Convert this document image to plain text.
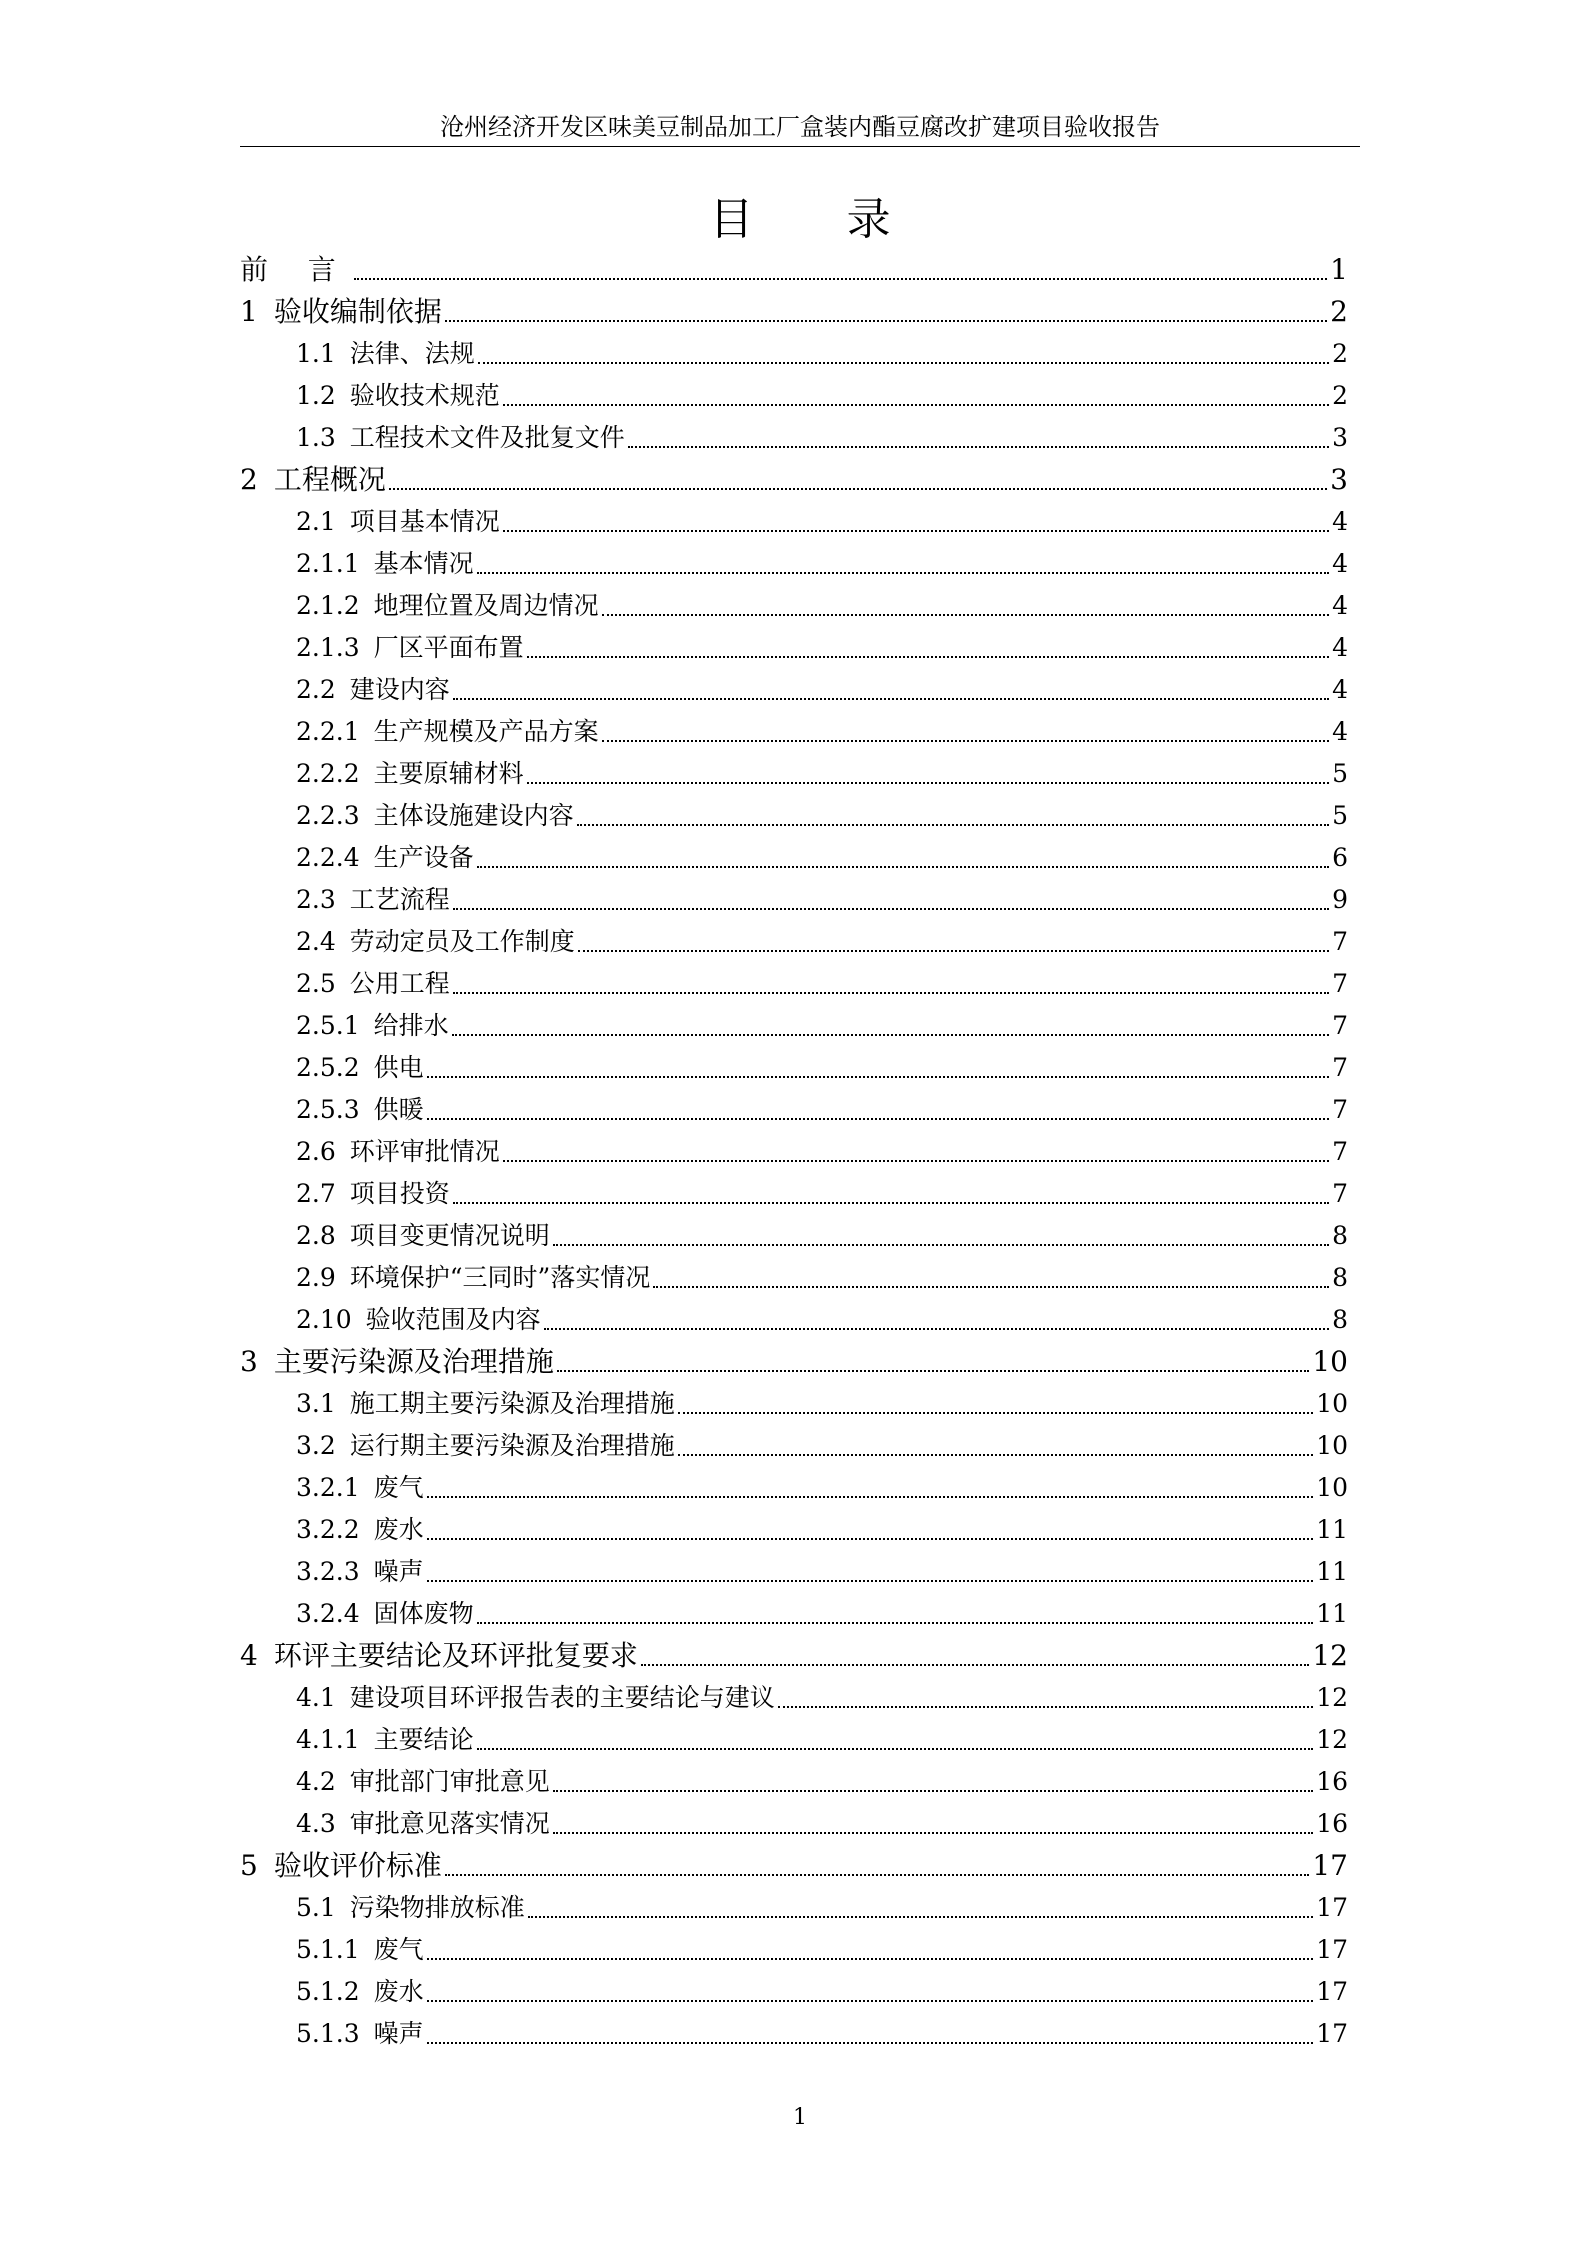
沧州经济开发区味美豆制品加工厂盒装内酯豆腐改扩建项目验收报告
目 录
前 言	1
1 验收编制依据	2
1.1 法律、法规	2
1.2 验收技术规范	2
1.3 工程技术文件及批复文件	3
2 工程概况	3
2.1 项目基本情况	4
2.1.1 基本情况	4
2.1.2 地理位置及周边情况	4
2.1.3 厂区平面布置	4
2.2 建设内容	4
2.2.1 生产规模及产品方案	4
2.2.2 主要原辅材料	5
2.2.3 主体设施建设内容	5
2.2.4 生产设备	6
2.3 工艺流程	9
2.4 劳动定员及工作制度	7
2.5 公用工程	7
2.5.1 给排水	7
2.5.2 供电	7
2.5.3 供暖	7
2.6 环评审批情况	7
2.7 项目投资	7
2.8 项目变更情况说明	8
2.9 环境保护“三同时”落实情况	8
2.10 验收范围及内容	8
3 主要污染源及治理措施	10
3.1 施工期主要污染源及治理措施	10
3.2 运行期主要污染源及治理措施	10
3.2.1 废气	10
3.2.2 废水	11
3.2.3 噪声	11
3.2.4 固体废物	11
4 环评主要结论及环评批复要求	12
4.1 建设项目环评报告表的主要结论与建议	12
4.1.1 主要结论	12
4.2 审批部门审批意见	16
4.3 审批意见落实情况	16
5 验收评价标准	17
5.1 污染物排放标准	17
5.1.1 废气	17
5.1.2 废水	17
5.1.3 噪声	17
1
